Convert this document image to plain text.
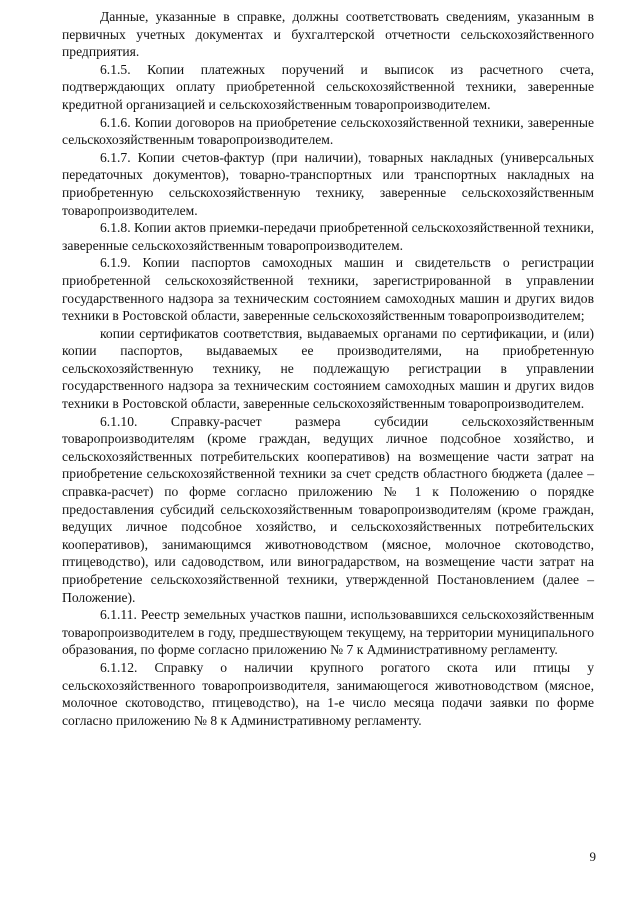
Данные, указанные в справке, должны соответствовать сведениям, указанным в первичных учетных документах и бухгалтерской отчетности сельскохозяйственного предприятия.

6.1.5. Копии платежных поручений и выписок из расчетного счета, подтверждающих оплату приобретенной сельскохозяйственной техники, заверенные кредитной организацией и сельскохозяйственным товаропроизводителем.

6.1.6. Копии договоров на приобретение сельскохозяйственной техники, заверенные сельскохозяйственным товаропроизводителем.

6.1.7. Копии счетов-фактур (при наличии), товарных накладных (универсальных передаточных документов), товарно-транспортных или транспортных накладных на приобретенную сельскохозяйственную технику, заверенные сельскохозяйственным товаропроизводителем.

6.1.8. Копии актов приемки-передачи приобретенной сельскохозяйственной техники, заверенные сельскохозяйственным товаропроизводителем.

6.1.9. Копии паспортов самоходных машин и свидетельств о регистрации приобретенной сельскохозяйственной техники, зарегистрированной в управлении государственного надзора за техническим состоянием самоходных машин и других видов техники в Ростовской области, заверенные сельскохозяйственным товаропроизводителем;

копии сертификатов соответствия, выдаваемых органами по сертификации, и (или) копии паспортов, выдаваемых ее производителями, на приобретенную сельскохозяйственную технику, не подлежащую регистрации в управлении государственного надзора за техническим состоянием самоходных машин и других видов техники в Ростовской области, заверенные сельскохозяйственным товаропроизводителем.

6.1.10. Справку-расчет размера субсидии сельскохозяйственным товаропроизводителям (кроме граждан, ведущих личное подсобное хозяйство, и сельскохозяйственных потребительских кооперативов) на возмещение части затрат на приобретение сельскохозяйственной техники за счет средств областного бюджета (далее – справка-расчет) по форме согласно приложению № 1 к Положению о порядке предоставления субсидий сельскохозяйственным товаропроизводителям (кроме граждан, ведущих личное подсобное хозяйство, и сельскохозяйственных потребительских кооперативов), занимающимся животноводством (мясное, молочное скотоводство, птицеводство), или садоводством, или виноградарством, на возмещение части затрат на приобретение сельскохозяйственной техники, утвержденной Постановлением (далее – Положение).

6.1.11. Реестр земельных участков пашни, использовавшихся сельскохозяйственным товаропроизводителем в году, предшествующем текущему, на территории муниципального образования, по форме согласно приложению № 7 к Административному регламенту.

6.1.12. Справку о наличии крупного рогатого скота или птицы у сельскохозяйственного товаропроизводителя, занимающегося животноводством (мясное, молочное скотоводство, птицеводство), на 1-е число месяца подачи заявки по форме согласно приложению № 8 к Административному регламенту.

9
